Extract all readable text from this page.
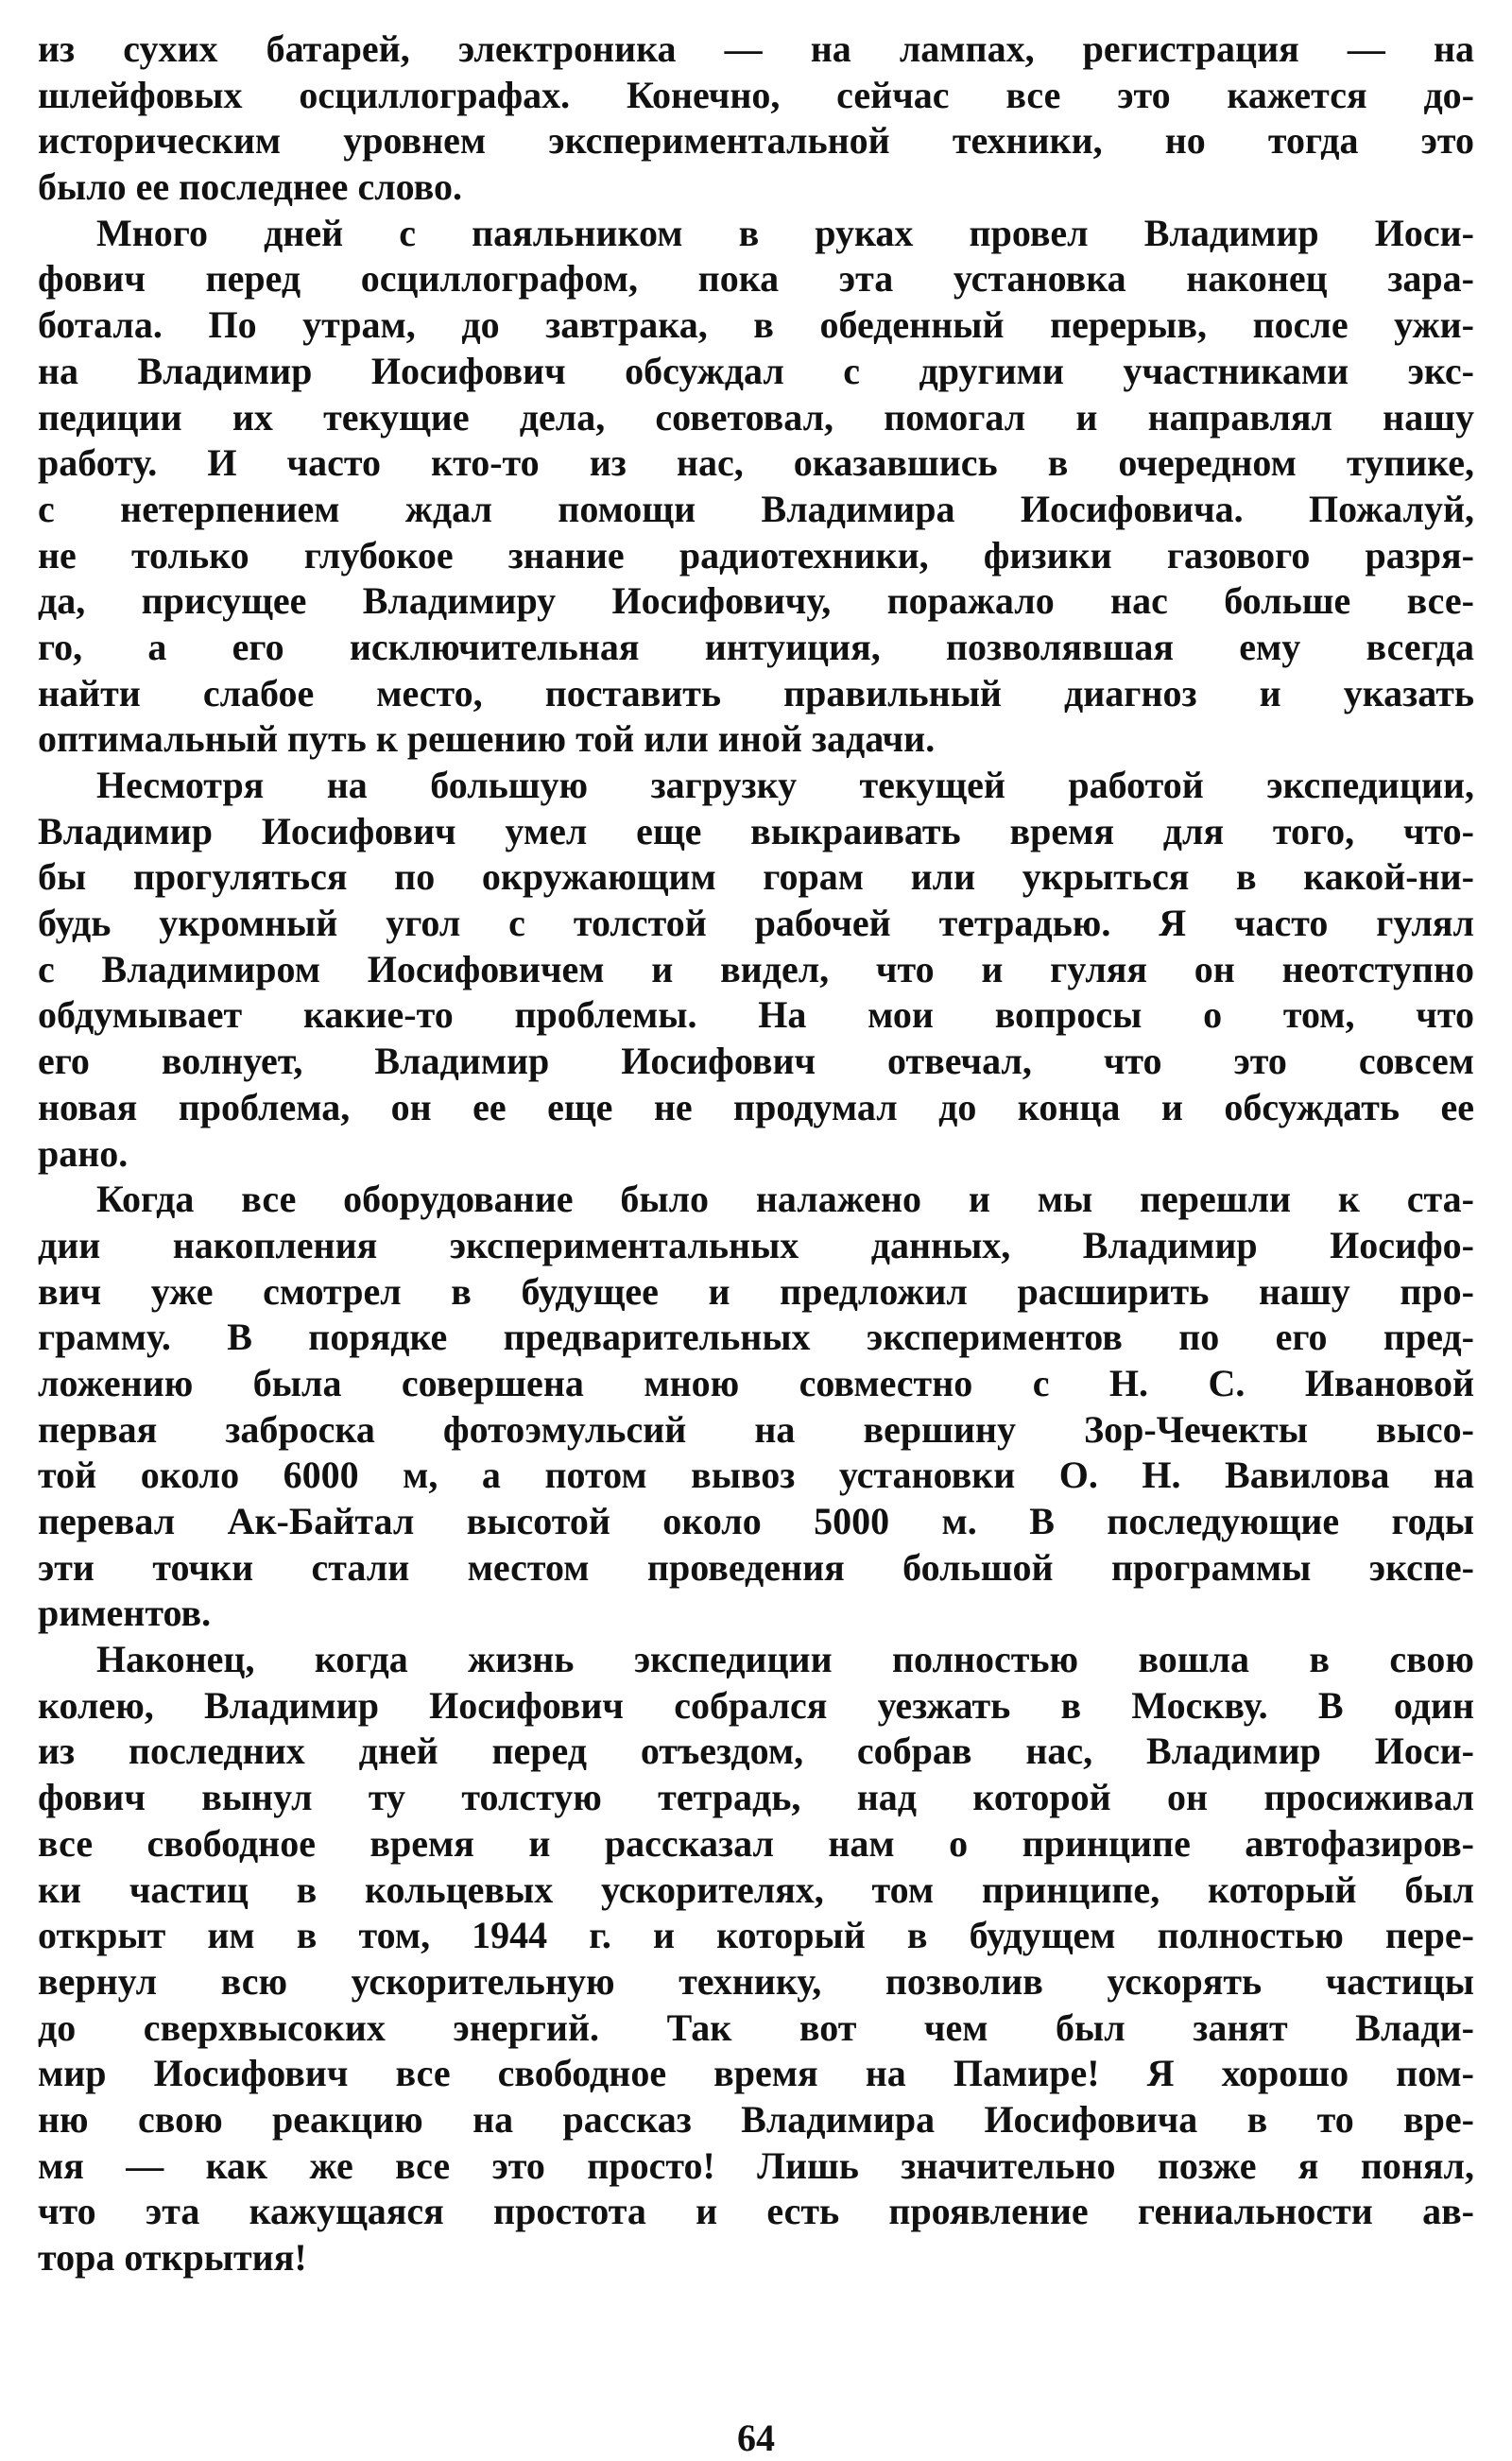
из сухих батарей, электроника — на лампах, регистрация — на
шлейфовых осциллографах. Конечно, сейчас все это кажется до-
историческим уровнем экспериментальной техники, но тогда это
было ее последнее слово.
Много дней с паяльником в руках провел Владимир Иоси-
фович перед осциллографом, пока эта установка наконец зара-
ботала. По утрам, до завтрака, в обеденный перерыв, после ужи-
на Владимир Иосифович обсуждал с другими участниками экс-
педиции их текущие дела, советовал, помогал и направлял нашу
работу. И часто кто-то из нас, оказавшись в очередном тупике,
с нетерпением ждал помощи Владимира Иосифовича. Пожалуй,
не только глубокое знание радиотехники, физики газового разря-
да, присущее Владимиру Иосифовичу, поражало нас больше все-
го, а его исключительная интуиция, позволявшая ему всегда
найти слабое место, поставить правильный диагноз и указать
оптимальный путь к решению той или иной задачи.
Несмотря на большую загрузку текущей работой экспедиции,
Владимир Иосифович умел еще выкраивать время для того, что-
бы прогуляться по окружающим горам или укрыться в какой-ни-
будь укромный угол с толстой рабочей тетрадью. Я часто гулял
с Владимиром Иосифовичем и видел, что и гуляя он неотступно
обдумывает какие-то проблемы. На мои вопросы о том, что
его волнует, Владимир Иосифович отвечал, что это совсем
новая проблема, он ее еще не продумал до конца и обсуждать ее
рано.
Когда все оборудование было налажено и мы перешли к ста-
дии накопления экспериментальных данных, Владимир Иосифо-
вич уже смотрел в будущее и предложил расширить нашу про-
грамму. В порядке предварительных экспериментов по его пред-
ложению была совершена мною совместно с Н. С. Ивановой
первая заброска фотоэмульсий на вершину Зор-Чечекты высо-
той около 6000 м, а потом вывоз установки О. Н. Вавилова на
перевал Ак-Байтал высотой около 5000 м. В последующие годы
эти точки стали местом проведения большой программы экспе-
риментов.
Наконец, когда жизнь экспедиции полностью вошла в свою
колею, Владимир Иосифович собрался уезжать в Москву. В один
из последних дней перед отъездом, собрав нас, Владимир Иоси-
фович вынул ту толстую тетрадь, над которой он просиживал
все свободное время и рассказал нам о принципе автофазиров-
ки частиц в кольцевых ускорителях, том принципе, который был
открыт им в том, 1944 г. и который в будущем полностью пере-
вернул всю ускорительную технику, позволив ускорять частицы
до сверхвысоких энергий. Так вот чем был занят Влади-
мир Иосифович все свободное время на Памире! Я хорошо пом-
ню свою реакцию на рассказ Владимира Иосифовича в то вре-
мя — как же все это просто! Лишь значительно позже я понял,
что эта кажущаяся простота и есть проявление гениальности ав-
тора открытия!
64
